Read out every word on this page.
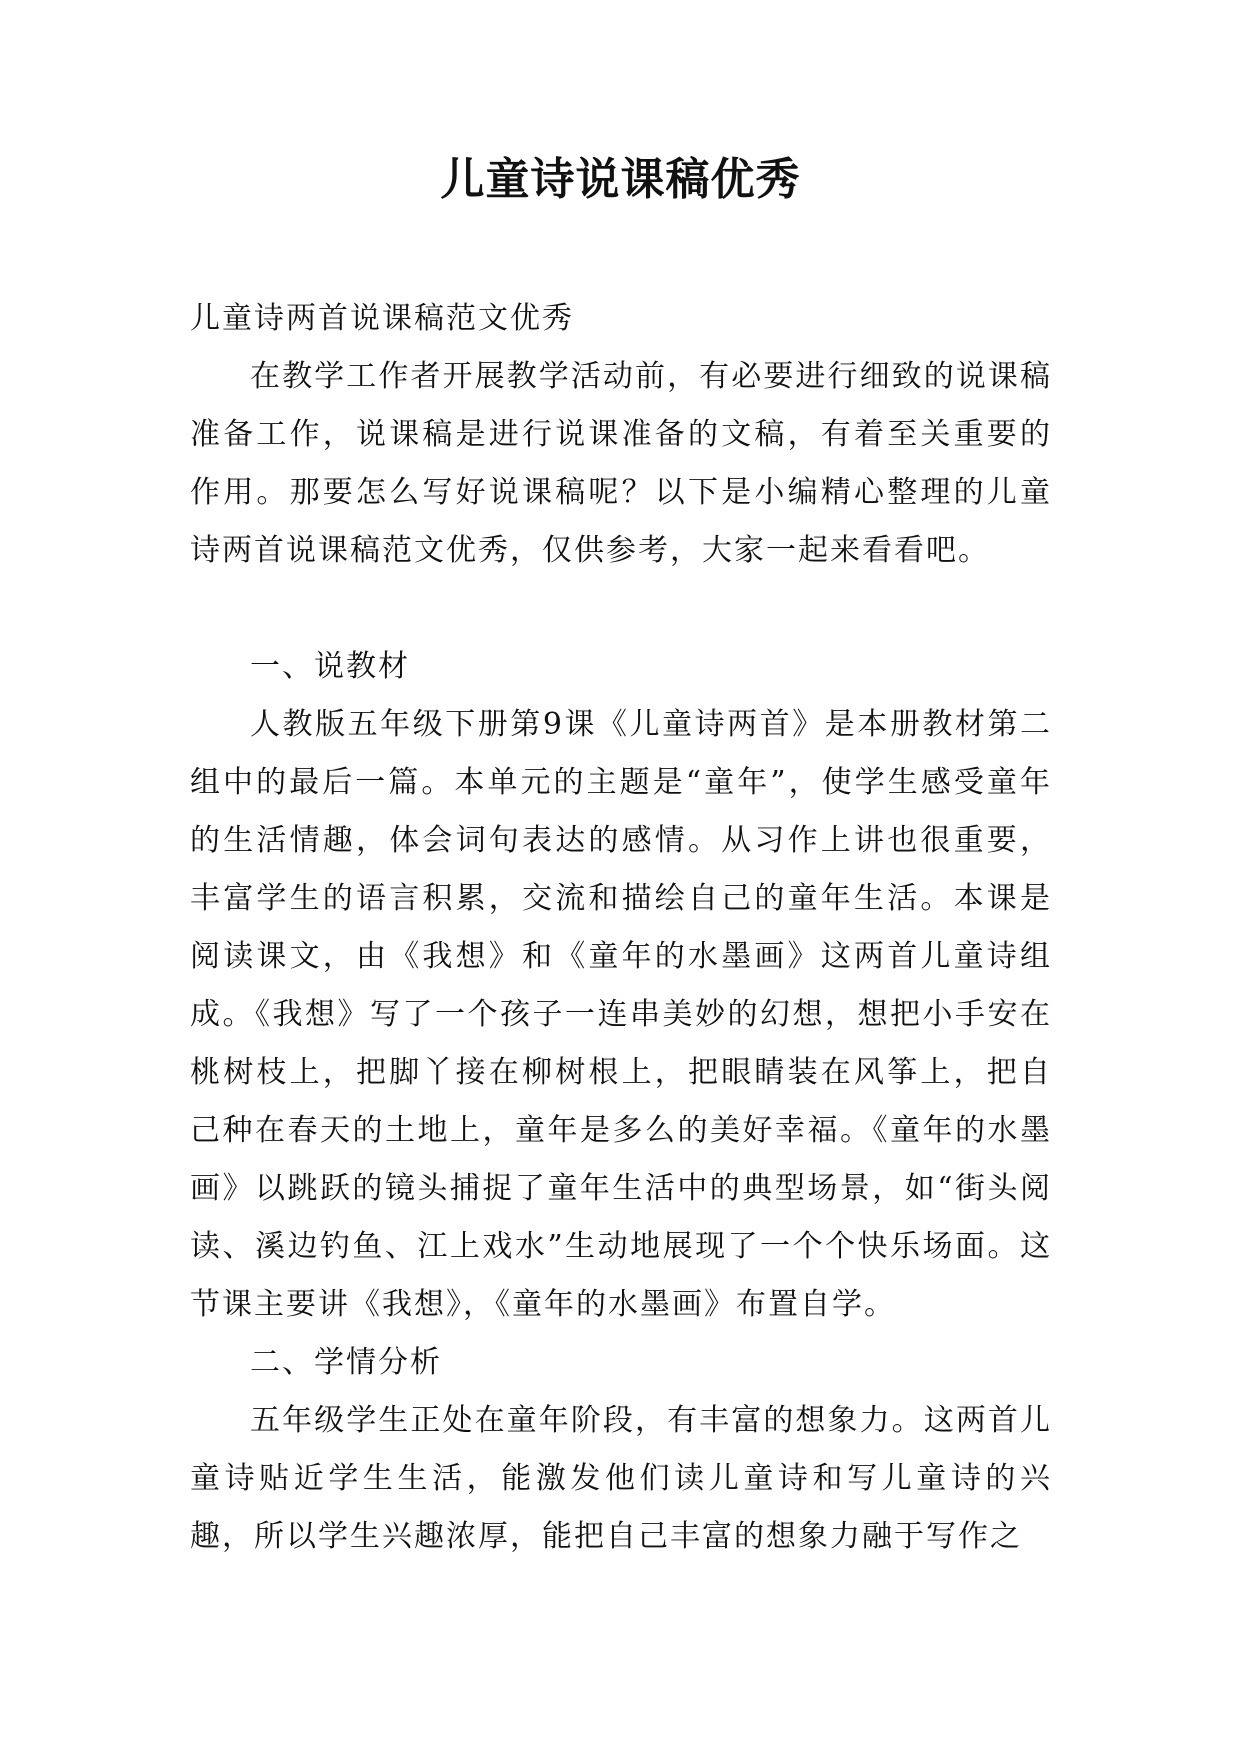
儿童诗说课稿优秀

儿童诗两首说课稿范文优秀

在教学工作者开展教学活动前，有必要进行细致的说课稿准备工作，说课稿是进行说课准备的文稿，有着至关重要的作用。那要怎么写好说课稿呢？以下是小编精心整理的儿童诗两首说课稿范文优秀，仅供参考，大家一起来看看吧。

一、说教材

人教版五年级下册第9课《儿童诗两首》是本册教材第二组中的最后一篇。本单元的主题是“童年”，使学生感受童年的生活情趣，体会词句表达的感情。从习作上讲也很重要，丰富学生的语言积累，交流和描绘自己的童年生活。本课是阅读课文，由《我想》和《童年的水墨画》这两首儿童诗组成。《我想》写了一个孩子一连串美妙的幻想，想把小手安在桃树枝上，把脚丫接在柳树根上，把眼睛装在风筝上，把自己种在春天的土地上，童年是多么的美好幸福。《童年的水墨画》以跳跃的镜头捕捉了童年生活中的典型场景，如“街头阅读、溪边钓鱼、江上戏水”生动地展现了一个个快乐场面。这节课主要讲《我想》，《童年的水墨画》布置自学。

二、学情分析

五年级学生正处在童年阶段，有丰富的想象力。这两首儿童诗贴近学生生活，能激发他们读儿童诗和写儿童诗的兴趣，所以学生兴趣浓厚，能把自己丰富的想象力融于写作之
